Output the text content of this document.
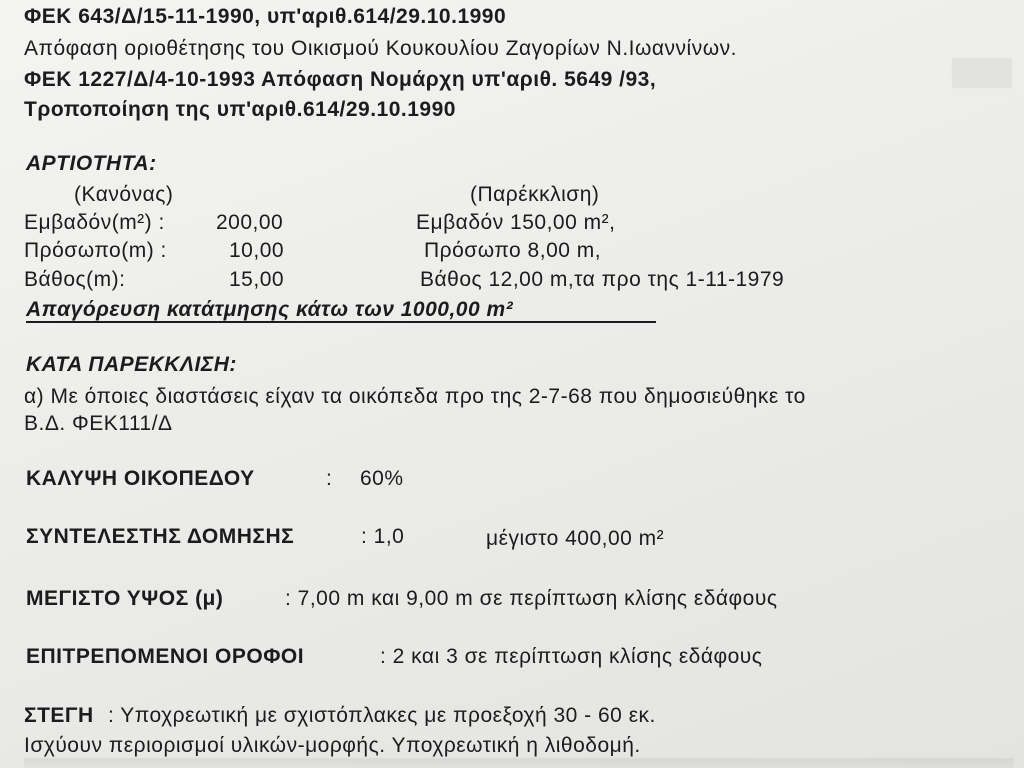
ΦΕΚ 643/Δ/15-11-1990, υπ'αριθ.614/29.10.1990
Απόφαση οριοθέτησης του Οικισμού Κουκουλίου Ζαγορίων Ν.Ιωαννίνων.
ΦΕΚ 1227/Δ/4-10-1993 Απόφαση Νομάρχη υπ'αριθ. 5649 /93,
Τροποποίηση της υπ'αριθ.614/29.10.1990
ΑΡΤΙΟΤΗΤΑ:
(Κανόνας)	(Παρέκκλιση)
Εμβαδόν(m²) : 200,00	Εμβαδόν 150,00 m²,
Πρόσωπο(m) :	10,00	Πρόσωπο 8,00 m,
Βάθος(m):	15,00	Βάθος 12,00 m,τα προ της 1-11-1979
Απαγόρευση κατάτμησης κάτω των 1000,00 m²
ΚΑΤΑ ΠΑΡΕΚΚΛΙΣΗ:
α) Με όποιες διαστάσεις είχαν τα οικόπεδα προ της 2-7-68 που δημοσιεύθηκε το
Β.Δ. ΦΕΚ111/Δ
ΚΑΛΥΨΗ ΟΙΚΟΠΕΔΟΥ	: 60%
ΣΥΝΤΕΛΕΣΤΗΣ ΔΟΜΗΣΗΣ	: 1,0	μέγιστο 400,00 m²
ΜΕΓΙΣΤΟ ΥΨΟΣ (μ)	: 7,00 m και 9,00 m σε περίπτωση κλίσης εδάφους
ΕΠΙΤΡΕΠΟΜΕΝΟΙ ΟΡΟΦΟΙ	: 2 και 3 σε περίπτωση κλίσης εδάφους
ΣΤΕΓΗ : Υποχρεωτική με σχιστόπλακες με προεξοχή 30 - 60 εκ.
Ισχύουν περιορισμοί υλικών-μορφής. Υποχρεωτική η λιθοδομή.
